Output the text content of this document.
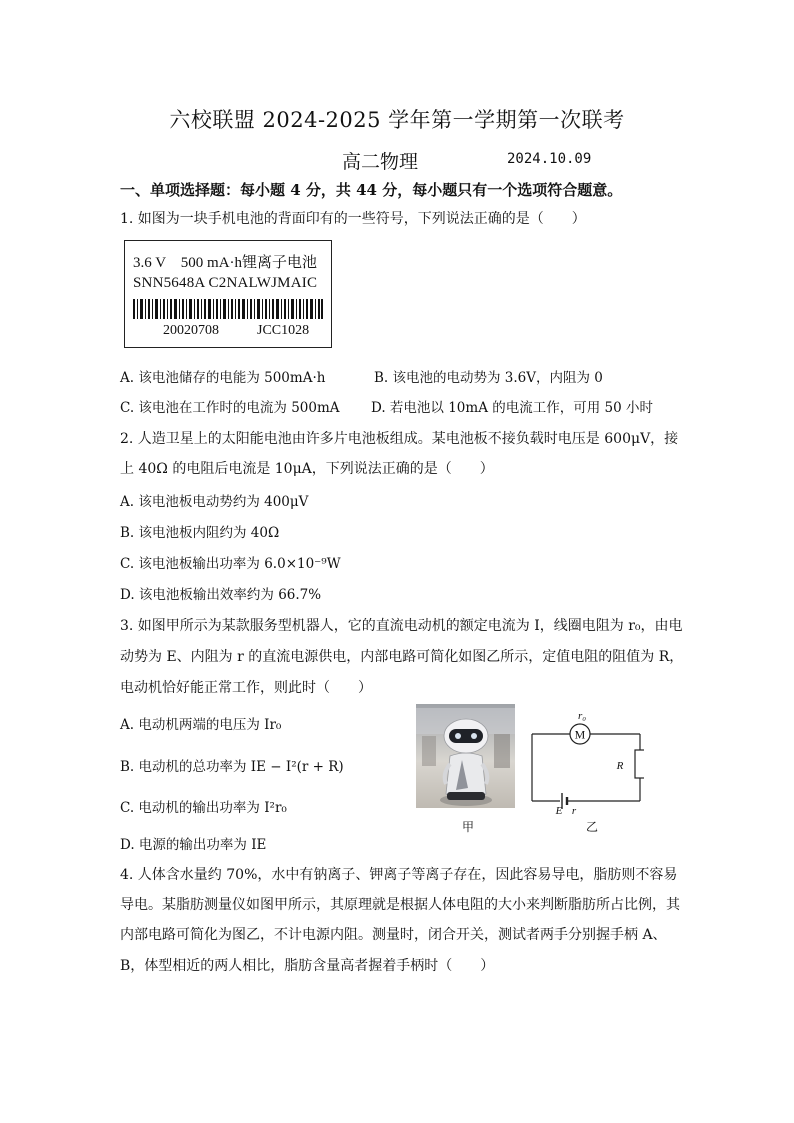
六校联盟 2024-2025 学年第一学期第一次联考
高二物理	2024.10.09
一、单项选择题：每小题 4 分，共 44 分，每小题只有一个选项符合题意。
1. 如图为一块手机电池的背面印有的一些符号，下列说法正确的是（　　）
3.6 V　500 mA·h锂离子电池
SNN5648A C2NALWJMAIC
20020708	JCC1028
A. 该电池储存的电能为 500mA·h	B. 该电池的电动势为 3.6V，内阻为 0
C. 该电池在工作时的电流为 500mA D. 若电池以 10mA 的电流工作，可用 50 小时
2. 人造卫星上的太阳能电池由许多片电池板组成。某电池板不接负载时电压是 600μV，接
上 40Ω 的电阻后电流是 10μA，下列说法正确的是（　　）
A. 该电池板电动势约为 400μV
B. 该电池板内阻约为 40Ω
C. 该电池板输出功率为 6.0×10⁻⁹W
D. 该电池板输出效率约为 66.7%
3. 如图甲所示为某款服务型机器人，它的直流电动机的额定电流为 I，线圈电阻为 r₀，由电
动势为 E、内阻为 r 的直流电源供电，内部电路可简化如图乙所示，定值电阻的阻值为 R，
电动机恰好能正常工作，则此时（　　）
A. 电动机两端的电压为 Ir₀
B. 电动机的总功率为 IE − I²(r + R)
C. 电动机的输出功率为 I²r₀
D. 电源的输出功率为 IE
M
r₀
R
E r
甲	乙
4. 人体含水量约 70%，水中有钠离子、钾离子等离子存在，因此容易导电，脂肪则不容易
导电。某脂肪测量仪如图甲所示，其原理就是根据人体电阻的大小来判断脂肪所占比例，其
内部电路可简化为图乙，不计电源内阻。测量时，闭合开关，测试者两手分别握手柄 A、
B，体型相近的两人相比，脂肪含量高者握着手柄时（　　）
